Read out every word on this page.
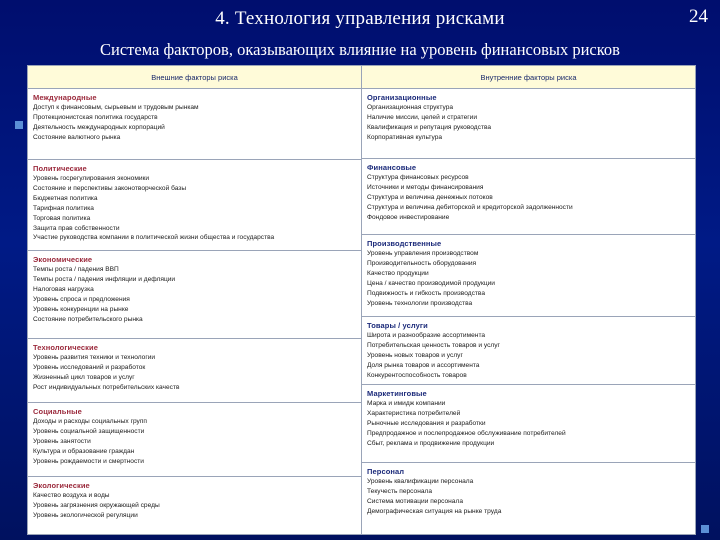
4. Технология управления рисками	24
Система факторов, оказывающих влияние на уровень финансовых рисков
Внешние факторы риска	Внутренние факторы риска
Международные
Доступ к финансовым, сырьевым и трудовым рынкам
Протекционистская политика государств
Деятельность международных корпораций
Состояние валютного рынка
Политические
Уровень госрегулирования экономики
Состояние и перспективы законотворческой базы
Бюджетная политика
Тарифная политика
Торговая политика
Защита прав собственности
Участие руководства компании в политической жизни общества и государства
Экономические
Темпы роста / падения ВВП
Темпы роста / падения инфляции и дефляции
Налоговая нагрузка
Уровень спроса и предложения
Уровень конкуренции на рынке
Состояние потребительского рынка
Технологические
Уровень развития техники и технологии
Уровень исследований и разработок
Жизненный цикл товаров и услуг
Рост индивидуальных потребительских качеств
Социальные
Доходы и расходы социальных групп
Уровень социальной защищенности
Уровень занятости
Культура и образование граждан
Уровень рождаемости и смертности
Экологические
Качество воздуха и воды
Уровень загрязнения окружающей среды
Уровень экологической регуляции
Организационные
Организационная структура
Наличие миссии, целей и стратегии
Квалификация и репутация руководства
Корпоративная культура
Финансовые
Структура финансовых ресурсов
Источники и методы финансирования
Структура и величина денежных потоков
Структура и величина дебиторской и кредиторской задолженности
Фондовое инвестирование
Производственные
Уровень управления производством
Производительность оборудования
Качество продукции
Цена / качество производимой продукции
Подвижность и гибкость производства
Уровень технологии производства
Товары / услуги
Широта и разнообразие ассортимента
Потребительская ценность товаров и услуг
Уровень новых товаров и услуг
Доля рынка товаров и ассортимента
Конкурентоспособность товаров
Маркетинговые
Марка и имидж компании
Характеристика потребителей
Рыночные исследования и разработки
Предпродажное и послепродажное обслуживание потребителей
Сбыт, реклама и продвижение продукции
Персонал
Уровень квалификации персонала
Текучесть персонала
Система мотивации персонала
Демографическая ситуация на рынке труда
